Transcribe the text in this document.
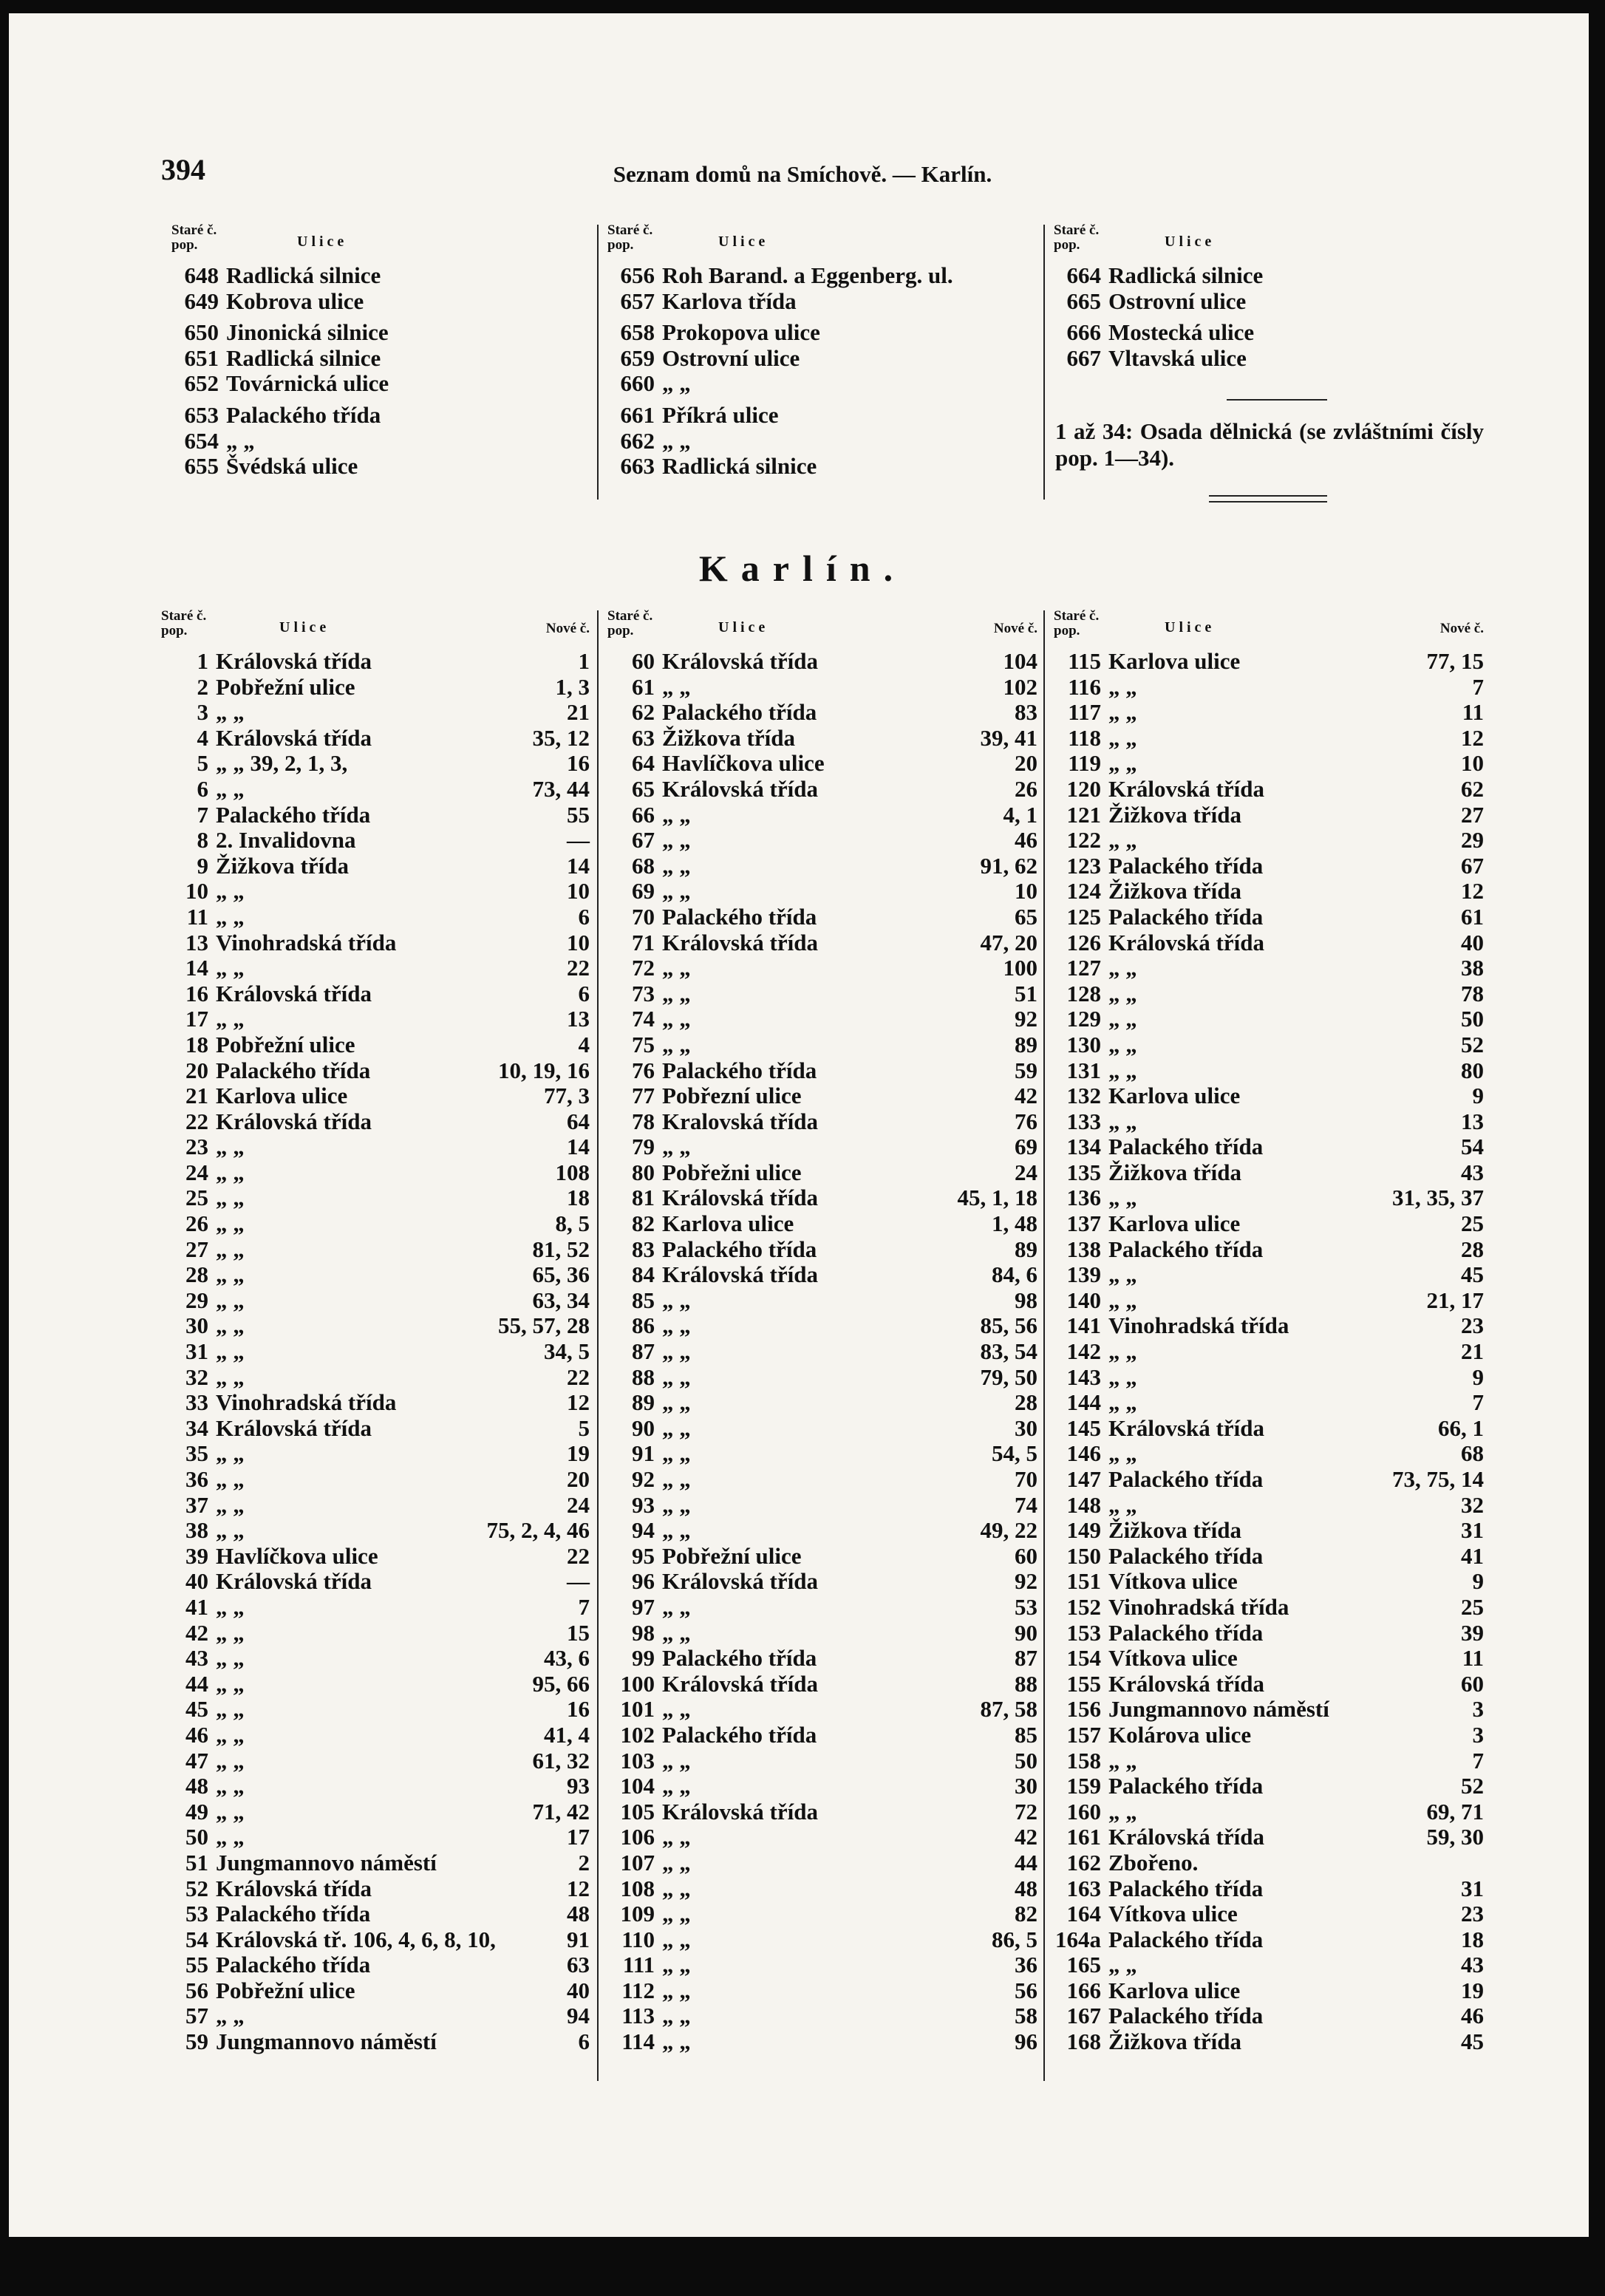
394	Seznam domů na Smíchově. — Karlín.
Staré č. pop.	Ulice
648 Radlická silnice
649 Kobrova ulice
650 Jinonická silnice
651 Radlická silnice
652 Továrnická ulice
653 Palackého třída
654 „ „
655 Švédská ulice
Staré č. pop.	Ulice
656 Roh Barand. a Eggenberg. ul.
657 Karlova třída
658 Prokopova ulice
659 Ostrovní ulice
660 „ „
661 Příkrá ulice
662 „ „
663 Radlická silnice
Staré č. pop.	Ulice
664 Radlická silnice
665 Ostrovní ulice
666 Mostecká ulice
667 Vltavská ulice
1 až 34: Osada dělnická (se zvláštními čísly pop. 1—34).
Karlín.
Staré č. pop.	Ulice	Nové č.
1 Královská třída	1
2 Pobřežní ulice	1, 3
3 „ „	21
4 Královská třída	35, 12
5 „ „ 39, 2, 1, 3,	16
6 „ „	73, 44
7 Palackého třída	55
8 2. Invalidovna	—
9 Žižkova třída	14
10 „ „	10
11 „ „	6
13 Vinohradská třída	10
14 „ „	22
16 Královská třída	6
17 „ „	13
18 Pobřežní ulice	4
20 Palackého třída	10, 19, 16
21 Karlova ulice	77, 3
22 Královská třída	64
23 „ „	14
24 „ „	108
25 „ „	18
26 „ „	8, 5
27 „ „	81, 52
28 „ „	65, 36
29 „ „	63, 34
30 „ „	55, 57, 28
31 „ „	34, 5
32 „ „	22
33 Vinohradská třída	12
34 Královská třída	5
35 „ „	19
36 „ „	20
37 „ „	24
38 „ „	75, 2, 4, 46
39 Havlíčkova ulice	22
40 Královská třída	—
41 „ „	7
42 „ „	15
43 „ „	43, 6
44 „ „	95, 66
45 „ „	16
46 „ „	41, 4
47 „ „	61, 32
48 „ „	93
49 „ „	71, 42
50 „ „	17
51 Jungmannovo náměstí	2
52 Královská třída	12
53 Palackého třída	48
54 Královská tř. 106, 4, 6, 8, 10,	91
55 Palackého třída	63
56 Pobřežní ulice	40
57 „ „	94
59 Jungmannovo náměstí	6
Staré č. pop.	Ulice	Nové č.
60 Královská třída	104
61 „ „	102
62 Palackého třída	83
63 Žižkova třída	39, 41
64 Havlíčkova ulice	20
65 Královská třída	26
66 „ „	4, 1
67 „ „	46
68 „ „	91, 62
69 „ „	10
70 Palackého třída	65
71 Královská třída	47, 20
72 „ „	100
73 „ „	51
74 „ „	92
75 „ „	89
76 Palackého třída	59
77 Pobřezní ulice	42
78 Kralovská třída	76
79 „ „	69
80 Pobřežni ulice	24
81 Královská třída	45, 1, 18
82 Karlova ulice	1, 48
83 Palackého třída	89
84 Královská třída	84, 6
85 „ „	98
86 „ „	85, 56
87 „ „	83, 54
88 „ „	79, 50
89 „ „	28
90 „ „	30
91 „ „	54, 5
92 „ „	70
93 „ „	74
94 „ „	49, 22
95 Pobřežní ulice	60
96 Královská třída	92
97 „ „	53
98 „ „	90
99 Palackého třída	87
100 Královská třída	88
101 „ „	87, 58
102 Palackého třída	85
103 „ „	50
104 „ „	30
105 Královská třída	72
106 „ „	42
107 „ „	44
108 „ „	48
109 „ „	82
110 „ „	86, 5
111 „ „	36
112 „ „	56
113 „ „	58
114 „ „	96
Staré č. pop.	Ulice	Nové č.
115 Karlova ulice	77, 15
116 „ „	7
117 „ „	11
118 „ „	12
119 „ „	10
120 Královská třída	62
121 Žižkova třída	27
122 „ „	29
123 Palackého třída	67
124 Žižkova třída	12
125 Palackého třída	61
126 Královská třída	40
127 „ „	38
128 „ „	78
129 „ „	50
130 „ „	52
131 „ „	80
132 Karlova ulice	9
133 „ „	13
134 Palackého třída	54
135 Žižkova třída	43
136 „ „	31, 35, 37
137 Karlova ulice	25
138 Palackého třída	28
139 „ „	45
140 „ „	21, 17
141 Vinohradská třída	23
142 „ „	21
143 „ „	9
144 „ „	7
145 Královská třída	66, 1
146 „ „	68
147 Palackého třída	73, 75, 14
148 „ „	32
149 Žižkova třída	31
150 Palackého třída	41
151 Vítkova ulice	9
152 Vinohradská třída	25
153 Palackého třída	39
154 Vítkova ulice	11
155 Královská třída	60
156 Jungmannovo náměstí	3
157 Kolárova ulice	3
158 „ „	7
159 Palackého třída	52
160 „ „	69, 71
161 Královská třída	59, 30
162 Zbořeno.
163 Palackého třída	31
164 Vítkova ulice	23
164a Palackého třída	18
165 „ „	43
166 Karlova ulice	19
167 Palackého třída	46
168 Žižkova třída	45
